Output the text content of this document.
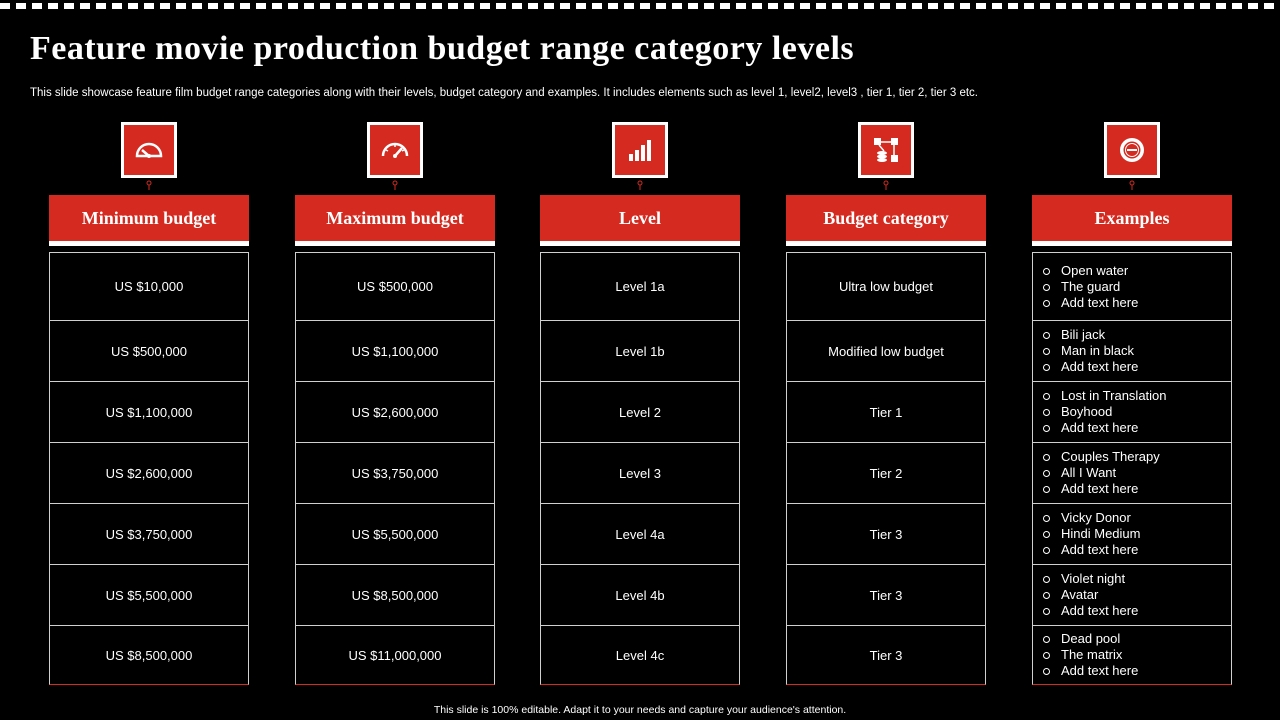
Feature movie production budget range category levels

This slide showcase feature film budget range categories along with their levels, budget category and examples. It includes elements such as level 1, level2, level3 , tier 1, tier 2, tier 3 etc.

Minimum budget
US $10,000
US $500,000
US $1,100,000
US $2,600,000
US $3,750,000
US $5,500,000
US $8,500,000
Maximum budget
US $500,000
US $1,100,000
US $2,600,000
US $3,750,000
US $5,500,000
US $8,500,000
US $11,000,000
Level
Level 1a
Level 1b
Level 2
Level 3
Level 4a
Level 4b
Level 4c
Budget category
Ultra low budget
Modified low budget
Tier 1
Tier 2
Tier 3
Tier 3
Tier 3
Examples
Open water
The guard
Add text here
Bili jack
Man in black
Add text here
Lost in Translation
Boyhood
Add text here
Couples Therapy
All I Want
Add text here
Vicky Donor
Hindi Medium
Add text here
Violet night
Avatar
Add text here
Dead pool
The matrix
Add text here
This slide is 100% editable. Adapt it to your needs and capture your audience's attention.
